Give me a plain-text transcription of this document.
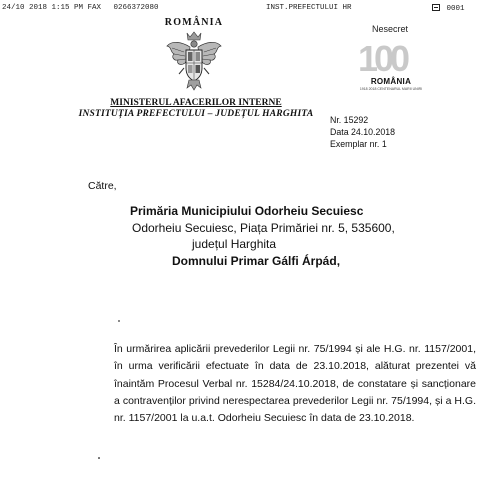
24/10 2018 1:15 PM FAX 0266372080	INST.PREFECTULUI HR	0001
ROMÂNIA
Nesecret
100
ROMÂNIA
1918 2018 CENTENARUL MARII UNIRI
MINISTERUL AFACERILOR INTERNE
INSTITUȚIA PREFECTULUI – JUDEȚUL HARGHITA
Nr. 15292
Data 24.10.2018
Exemplar nr. 1
Către,
Primăria Municipiului Odorheiu Secuiesc
Odorheiu Secuiesc, Piața Primăriei nr. 5, 535600,
județul Harghita
Domnului Primar Gálfi Árpád,
În urmărirea aplicării prevederilor Legii nr. 75/1994 și ale H.G. nr. 1157/2001, în urma verificării efectuate în data de 23.10.2018, alăturat prezentei vă înaintăm Procesul Verbal nr. 15284/24.10.2018, de constatare și sancționare a contravenților privind nerespectarea prevederilor Legii nr. 75/1994, și a H.G. nr. 1157/2001 la u.a.t. Odorheiu Secuiesc în data de 23.10.2018.
